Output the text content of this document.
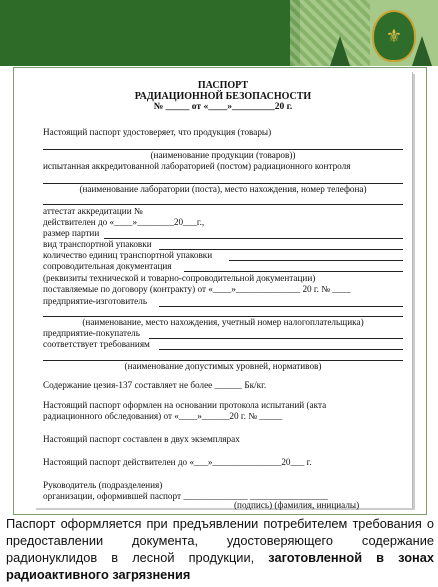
⚜
ПАСПОРТ
РАДИАЦИОННОЙ БЕЗОПАСНОСТИ
№ _____ от «____»_________20 г.
Настоящий паспорт удостоверяет, что продукция (товары)
(наименование продукции (товаров))
испытанная аккредитованной лабораторией (постом) радиационного контроля
(наименование лаборатории (поста), место нахождения, номер телефона)
аттестат аккредитации №
действителен до «____»________20___г.,
размер партии
вид транспортной упаковки
количество единиц транспортной упаковки
сопроводительная документация
(реквизиты технической и товарно-сопроводительной документации)
поставляемые по договору (контракту) от «____»______________ 20 г. № ____
предприятие-изготовитель
(наименование, место нахождения, учетный номер налогоплательщика)
предприятие-покупатель
соответствует требованиям
(наименование допустимых уровней, нормативов)
Содержание цезия-137 составляет не более ______ Бк/кг.
Настоящий паспорт оформлен на основании протокола испытаний (акта
радиационного обследования) от «____»______20 г. № _____
Настоящий паспорт составлен в двух экземплярах
Настоящий паспорт действителен до «___»_______________20___ г.
Руководитель (подразделения)
организации, оформившей паспорт ______________ _________________
(подпись) (фамилия, инициалы)
Паспорт оформляется при предъявлении потребителем требования о предоставлении документа, удостоверяющего содержание радионуклидов в лесной продукции, заготовленной в зонах радиоактивного загрязнения
